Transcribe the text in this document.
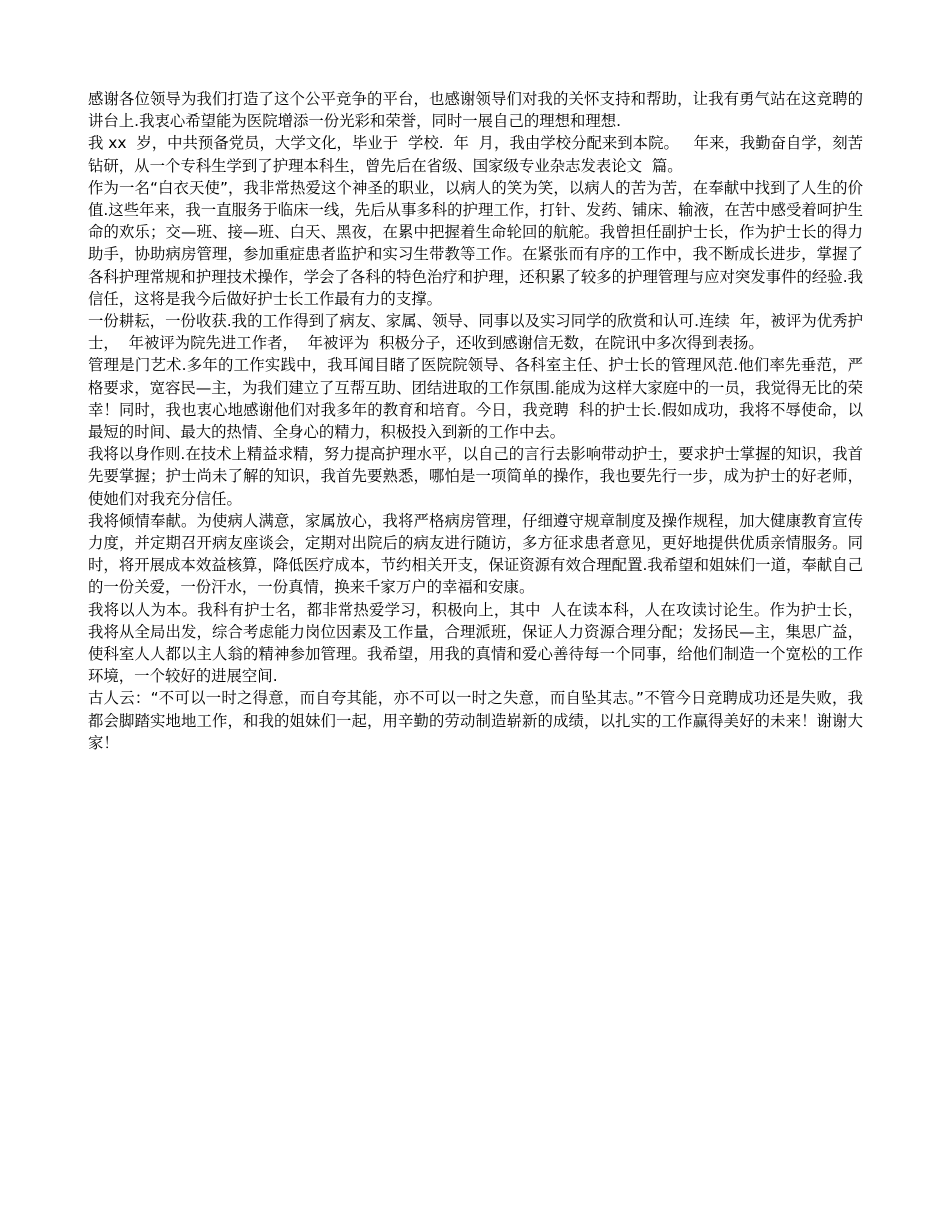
感谢各位领导为我们打造了这个公平竞争的平台，也感谢领导们对我的关怀支持和帮助，让我有勇气站在这竞聘的讲台上.我衷心希望能为医院增添一份光彩和荣誉，同时一展自己的理想和理想.

我 xx  岁，中共预备党员，大学文化，毕业于  学校.  年  月，我由学校分配来到本院。   年来，我勤奋自学，刻苦钻研，从一个专科生学到了护理本科生，曾先后在省级、国家级专业杂志发表论文  篇。

作为一名“白衣天使”，我非常热爱这个神圣的职业，以病人的笑为笑，以病人的苦为苦，在奉献中找到了人生的价值.这些年来，我一直服务于临床一线，先后从事多科的护理工作，打针、发药、铺床、输液，在苦中感受着呵护生命的欢乐；交—班、接—班、白天、黑夜，在累中把握着生命轮回的航舵。我曾担任副护士长，作为护士长的得力助手，协助病房管理，参加重症患者监护和实习生带教等工作。在紧张而有序的工作中，我不断成长进步，掌握了各科护理常规和护理技术操作，学会了各科的特色治疗和护理，还积累了较多的护理管理与应对突发事件的经验.我信任，这将是我今后做好护士长工作最有力的支撑。

一份耕耘，一份收获.我的工作得到了病友、家属、领导、同事以及实习同学的欣赏和认可.连续  年，被评为优秀护士，  年被评为院先进工作者，  年被评为  积极分子，还收到感谢信无数，在院讯中多次得到表扬。

管理是门艺术.多年的工作实践中，我耳闻目睹了医院院领导、各科室主任、护士长的管理风范.他们率先垂范，严格要求，宽容民—主，为我们建立了互帮互助、团结进取的工作氛围.能成为这样大家庭中的一员，我觉得无比的荣幸！同时，我也衷心地感谢他们对我多年的教育和培育。今日，我竞聘  科的护士长.假如成功，我将不辱使命，以最短的时间、最大的热情、全身心的精力，积极投入到新的工作中去。

我将以身作则.在技术上精益求精，努力提高护理水平，以自己的言行去影响带动护士，要求护士掌握的知识，我首先要掌握；护士尚未了解的知识，我首先要熟悉，哪怕是一项简单的操作，我也要先行一步，成为护士的好老师，使她们对我充分信任。

我将倾情奉献。为使病人满意，家属放心，我将严格病房管理，仔细遵守规章制度及操作规程，加大健康教育宣传力度，并定期召开病友座谈会，定期对出院后的病友进行随访，多方征求患者意见，更好地提供优质亲情服务。同时，将开展成本效益核算，降低医疗成本，节约相关开支，保证资源有效合理配置.我希望和姐妹们一道，奉献自己的一份关爱，一份汗水，一份真情，换来千家万户的幸福和安康。

我将以人为本。我科有护士名，都非常热爱学习，积极向上，其中  人在读本科，人在攻读讨论生。作为护士长，我将从全局出发，综合考虑能力岗位因素及工作量，合理派班，保证人力资源合理分配；发扬民—主，集思广益，使科室人人都以主人翁的精神参加管理。我希望，用我的真情和爱心善待每一个同事，给他们制造一个宽松的工作环境，一个较好的进展空间.

古人云：“不可以一时之得意，而自夸其能，亦不可以一时之失意，而自坠其志。”不管今日竞聘成功还是失败，我都会脚踏实地地工作，和我的姐妹们一起，用辛勤的劳动制造崭新的成绩，以扎实的工作赢得美好的未来！谢谢大家！
